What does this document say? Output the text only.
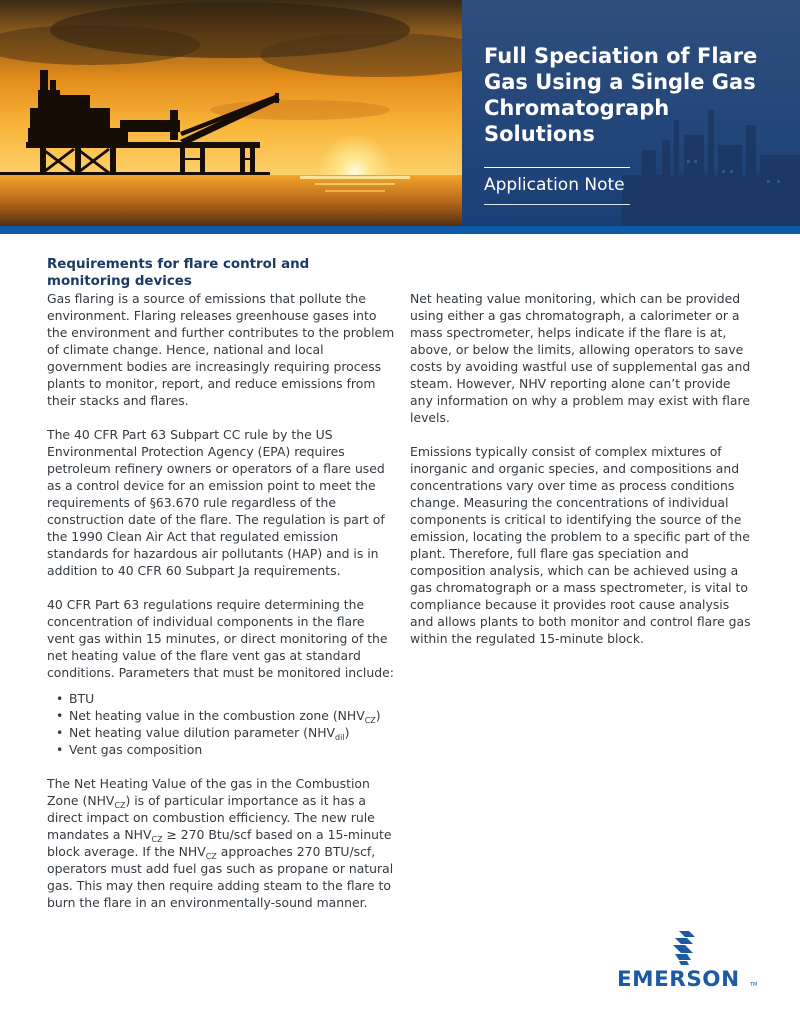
Full Speciation of Flare Gas Using a Single Gas Chromatograph Solutions
Application Note
Requirements for flare control and monitoring devices

Gas flaring is a source of emissions that pollute the environment. Flaring releases greenhouse gases into the environment and further contributes to the problem of climate change. Hence, national and local government bodies are increasingly requiring process plants to monitor, report, and reduce emissions from their stacks and flares.

The 40 CFR Part 63 Subpart CC rule by the US Environmental Protection Agency (EPA) requires petroleum refinery owners or operators of a flare used as a control device for an emission point to meet the requirements of §63.670 rule regardless of the construction date of the flare. The regulation is part of the 1990 Clean Air Act that regulated emission standards for hazardous air pollutants (HAP) and is in addition to 40 CFR 60 Subpart Ja requirements.

40 CFR Part 63 regulations require determining the concentration of individual components in the flare vent gas within 15 minutes, or direct monitoring of the net heating value of the flare vent gas at standard conditions. Parameters that must be monitored include:

• BTU
• Net heating value in the combustion zone $(NHV_{CZ})$
• Net heating value dilution parameter $(NHV_{dil})$
• Vent gas composition

The Net Heating Value of the gas in the Combustion Zone $(NHV_{CZ})$ is of particular importance as it has a direct impact on combustion efficiency. The new rule mandates a $NHV_{CZ} \ge 270$ Btu/scf based on a 15-minute block average. If the $NHV_{CZ}$ approaches 270 BTU/scf, operators must add fuel gas such as propane or natural gas. This may then require adding steam to the flare to burn the flare in an environmentally-sound manner.

Net heating value monitoring, which can be provided using either a gas chromatograph, a calorimeter or a mass spectrometer, helps indicate if the flare is at, above, or below the limits, allowing operators to save costs by avoiding wastful use of supplemental gas and steam. However, NHV reporting alone can’t provide any information on why a problem may exist with flare levels.

Emissions typically consist of complex mixtures of inorganic and organic species, and compositions and concentrations vary over time as process conditions change. Measuring the concentrations of individual components is critical to identifying the source of the emission, locating the problem to a specific part of the plant. Therefore, full flare gas speciation and composition analysis, which can be achieved using a gas chromatograph or a mass spectrometer, is vital to compliance because it provides root cause analysis and allows plants to both monitor and control flare gas within the regulated 15-minute block.

EMERSON TM
